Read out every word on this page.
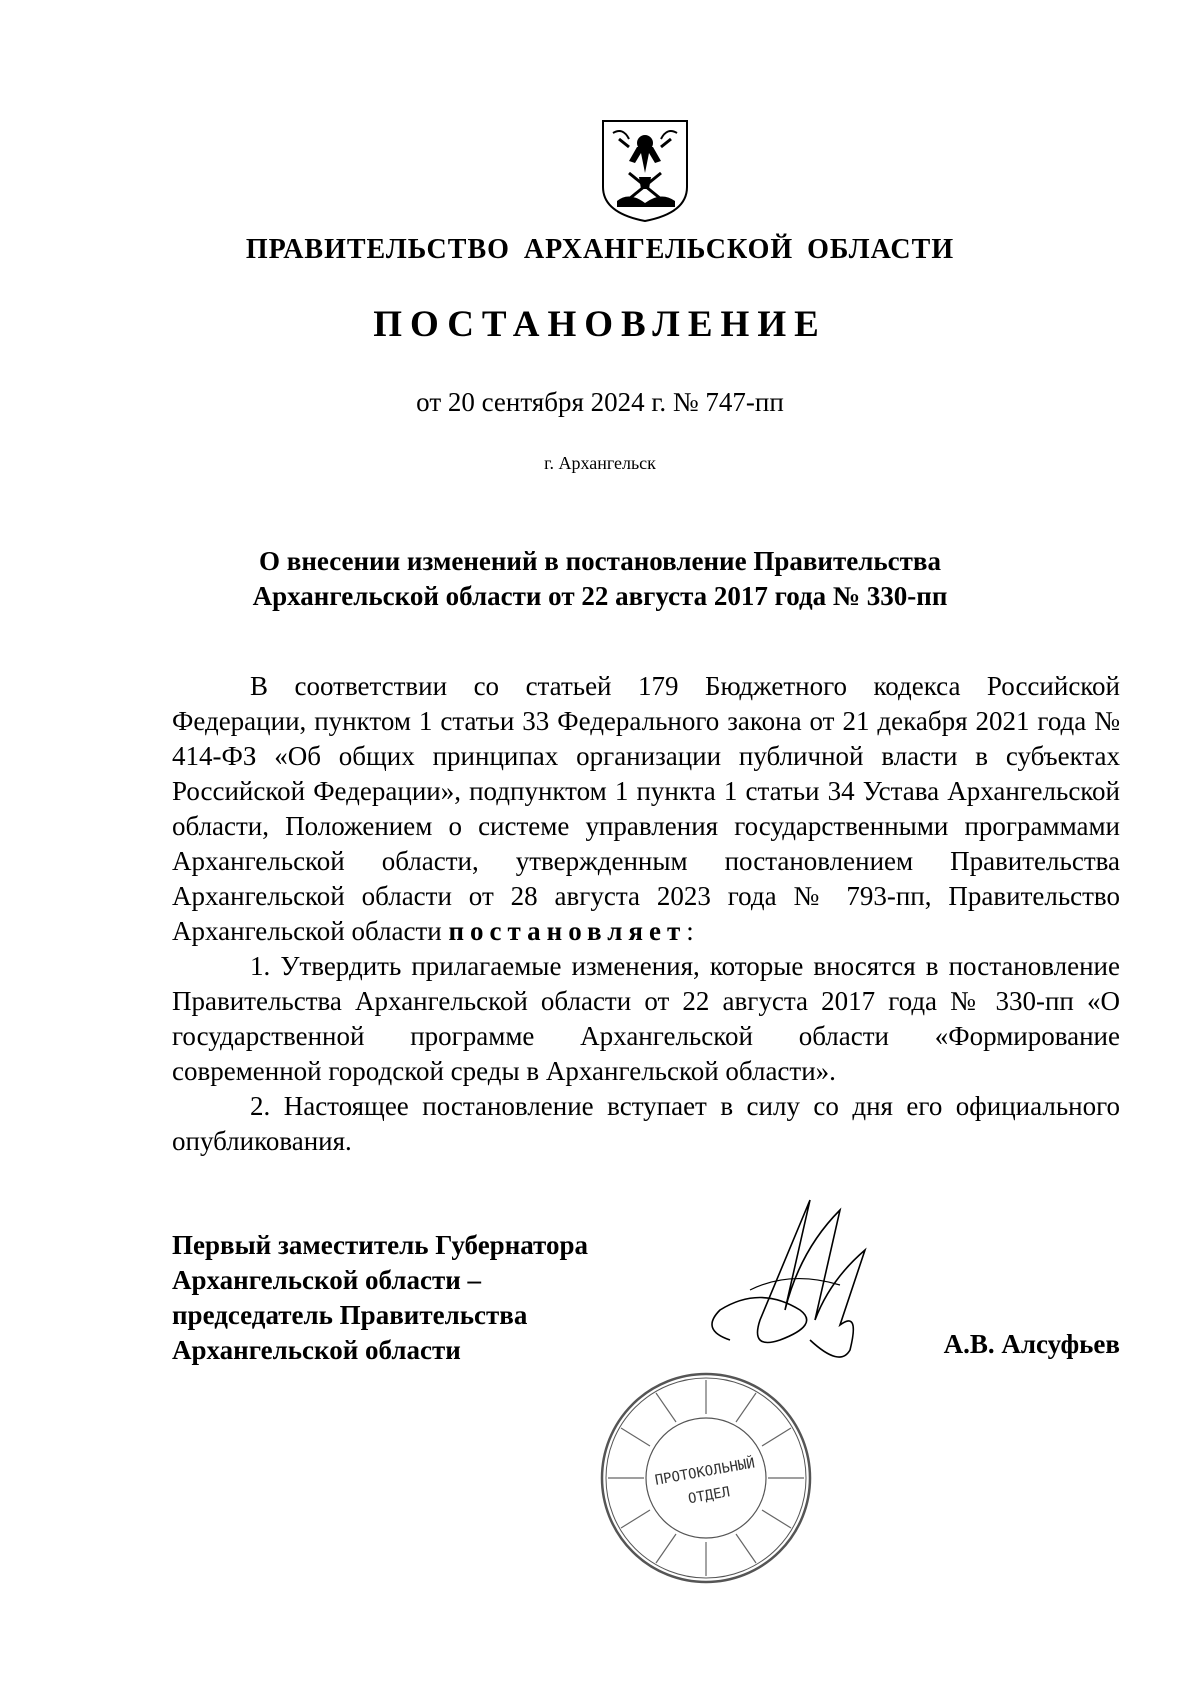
ПРАВИТЕЛЬСТВО АРХАНГЕЛЬСКОЙ ОБЛАСТИ
ПОСТАНОВЛЕНИЕ
от 20 сентября 2024 г. № 747-пп
г. Архангельск
О внесении изменений в постановление Правительства
Архангельской области от 22 августа 2017 года № 330-пп

В соответствии со статьей 179 Бюджетного кодекса Российской Федерации, пунктом 1 статьи 33 Федерального закона от 21 декабря 2021 года № 414-ФЗ «Об общих принципах организации публичной власти в субъектах Российской Федерации», подпунктом 1 пункта 1 статьи 34 Устава Архангельской области, Положением о системе управления государственными программами Архангельской области, утвержденным постановлением Правительства Архангельской области от 28 августа 2023 года № 793-пп, Правительство Архангельской области постановляет:

1. Утвердить прилагаемые изменения, которые вносятся в постановление Правительства Архангельской области от 22 августа 2017 года № 330-пп «О государственной программе Архангельской области «Формирование современной городской среды в Архангельской области».

2. Настоящее постановление вступает в силу со дня его официального опубликования.

Первый заместитель Губернатора
Архангельской области –
председатель Правительства
Архангельской области	А.В. Алсуфьев
ПРОТОКОЛЬНЫЙ
ОТДЕЛ
